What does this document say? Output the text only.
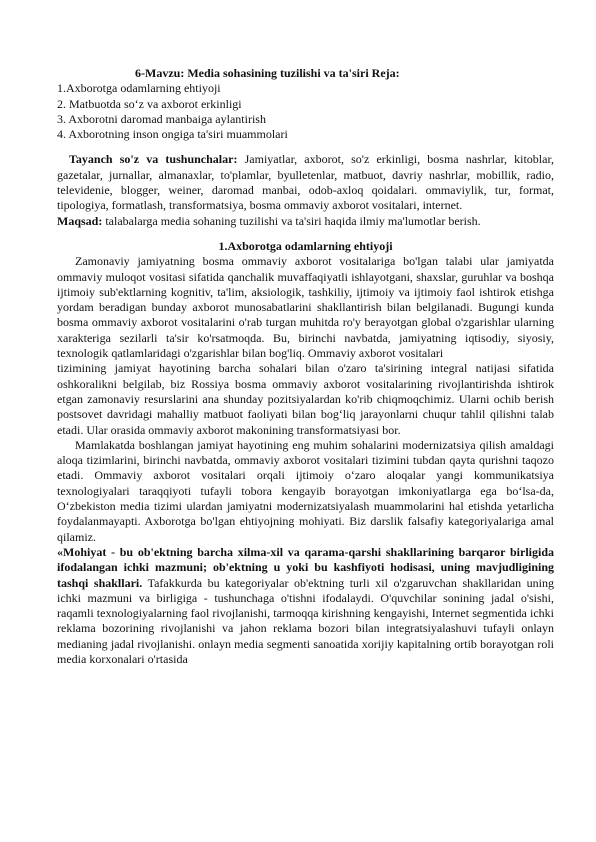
6-Mavzu: Media sohasining tuzilishi va ta'siri Reja:

1.Axborotga odamlarning ehtiyoji

2. Matbuotda so‘z va axborot erkinligi

3. Axborotni daromad manbaiga aylantirish

4. Axborotning inson ongiga ta'siri muammolari

Tayanch so'z va tushunchalar: Jamiyatlar, axborot, so'z erkinligi, bosma nashrlar, kitoblar, gazetalar, jurnallar, almanaxlar, to'plamlar, byulletenlar, matbuot, davriy nashrlar, mobillik, radio, televidenie, blogger, weiner, daromad manbai, odob-axloq qoidalari. ommaviylik, tur, format, tipologiya, formatlash, transformatsiya, bosma ommaviy axborot vositalari, internet.

Maqsad: talabalarga media sohaning tuzilishi va ta'siri haqida ilmiy ma'lumotlar berish.

1.Axborotga odamlarning ehtiyoji

Zamonaviy jamiyatning bosma ommaviy axborot vositalariga bo'lgan talabi ular jamiyatda ommaviy muloqot vositasi sifatida qanchalik muvaffaqiyatli ishlayotgani, shaxslar, guruhlar va boshqa ijtimoiy sub'ektlarning kognitiv, ta'lim, aksiologik, tashkiliy, ijtimoiy va ijtimoiy faol ishtirok etishga yordam beradigan bunday axborot munosabatlarini shakllantirish bilan belgilanadi. Bugungi kunda bosma ommaviy axborot vositalarini o'rab turgan muhitda ro'y berayotgan global o'zgarishlar ularning xarakteriga sezilarli ta'sir ko'rsatmoqda. Bu, birinchi navbatda, jamiyatning iqtisodiy, siyosiy, texnologik qatlamlaridagi o'zgarishlar bilan bog'liq. Ommaviy axborot vositalari

tizimining jamiyat hayotining barcha sohalari bilan o'zaro ta'sirining integral natijasi sifatida oshkoralikni belgilab, biz Rossiya bosma ommaviy axborot vositalarining rivojlantirishda ishtirok etgan zamonaviy resurslarini ana shunday pozitsiyalardan ko'rib chiqmoqchimiz. Ularni ochib berish postsovet davridagi mahalliy matbuot faoliyati bilan bog‘liq jarayonlarni chuqur tahlil qilishni talab etadi. Ular orasida ommaviy axborot makonining transformatsiyasi bor.

Mamlakatda boshlangan jamiyat hayotining eng muhim sohalarini modernizatsiya qilish amaldagi aloqa tizimlarini, birinchi navbatda, ommaviy axborot vositalari tizimini tubdan qayta qurishni taqozo etadi. Ommaviy axborot vositalari orqali ijtimoiy o‘zaro aloqalar yangi kommunikatsiya texnologiyalari taraqqiyoti tufayli tobora kengayib borayotgan imkoniyatlarga ega bo‘lsa-da, O‘zbekiston media tizimi ulardan jamiyatni modernizatsiyalash muammolarini hal etishda yetarlicha foydalanmayapti. Axborotga bo'lgan ehtiyojning mohiyati. Biz darslik falsafiy kategoriyalariga amal qilamiz.

«Mohiyat - bu ob'ektning barcha xilma-xil va qarama-qarshi shakllarining barqaror birligida ifodalangan ichki mazmuni; ob'ektning u yoki bu kashfiyoti hodisasi, uning mavjudligining tashqi shakllari. Tafakkurda bu kategoriyalar ob'ektning turli xil o'zgaruvchan shakllaridan uning ichki mazmuni va birligiga - tushunchaga o'tishni ifodalaydi. O'quvchilar sonining jadal o'sishi, raqamli texnologiyalarning faol rivojlanishi, tarmoqqa kirishning kengayishi, Internet segmentida ichki reklama bozorining rivojlanishi va jahon reklama bozori bilan integratsiyalashuvi tufayli onlayn medianing jadal rivojlanishi. onlayn media segmenti sanoatida xorijiy kapitalning ortib borayotgan roli media korxonalari o'rtasida
